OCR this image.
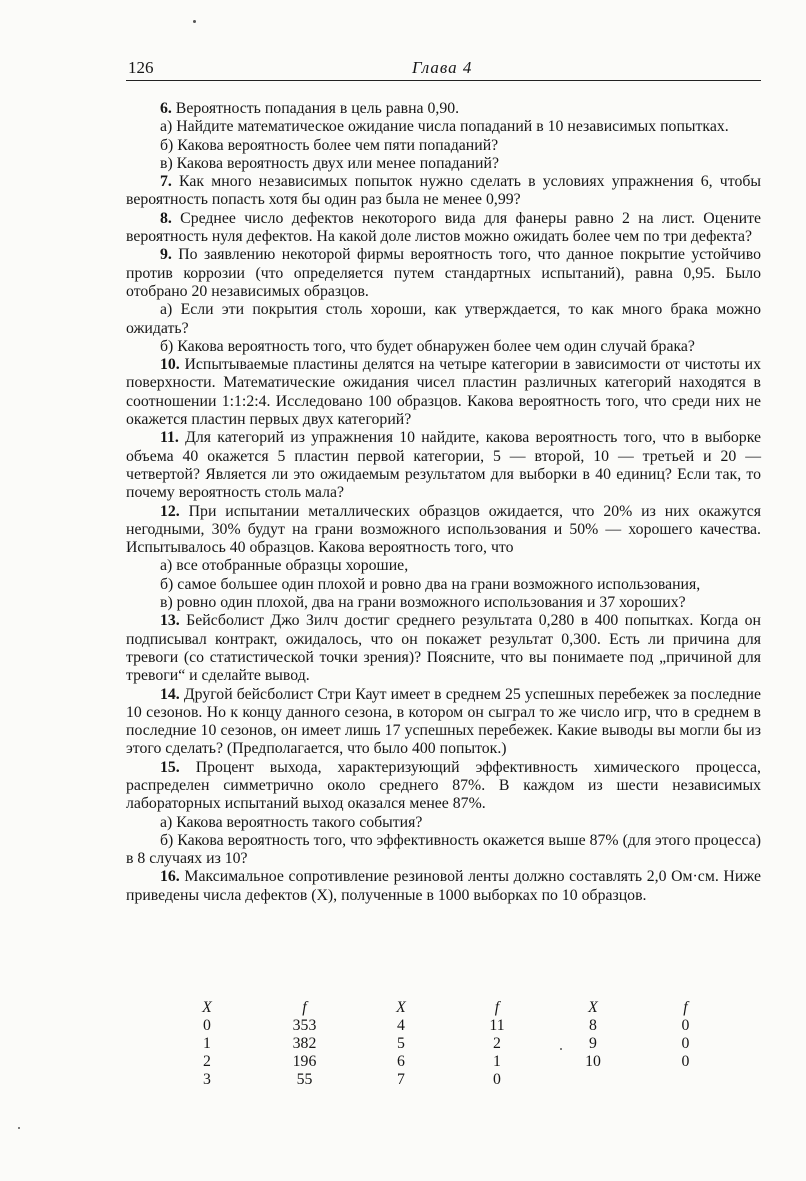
126	Глава 4

6. Вероятность попадания в цель равна 0,90.

а) Найдите математическое ожидание числа попаданий в 10 независимых попытках.

б) Какова вероятность более чем пяти попаданий?

в) Какова вероятность двух или менее попаданий?

7. Как много независимых попыток нужно сделать в условиях упражнения 6, чтобы вероятность попасть хотя бы один раз была не менее 0,99?

8. Среднее число дефектов некоторого вида для фанеры равно 2 на лист. Оцените вероятность нуля дефектов. На какой доле листов можно ожидать более чем по три дефекта?

9. По заявлению некоторой фирмы вероятность того, что данное покрытие устойчиво против коррозии (что определяется путем стандартных испытаний), равна 0,95. Было отобрано 20 независимых образцов.

а) Если эти покрытия столь хороши, как утверждается, то как много брака можно ожидать?

б) Какова вероятность того, что будет обнаружен более чем один случай брака?

10. Испытываемые пластины делятся на четыре категории в зависимости от чистоты их поверхности. Математические ожидания чисел пластин различных категорий находятся в соотношении 1:1:2:4. Исследовано 100 образцов. Какова вероятность того, что среди них не окажется пластин первых двух категорий?

11. Для категорий из упражнения 10 найдите, какова вероятность того, что в выборке объема 40 окажется 5 пластин первой категории, 5 — второй, 10 — третьей и 20 — четвертой? Является ли это ожидаемым результатом для выборки в 40 единиц? Если так, то почему вероятность столь мала?

12. При испытании металлических образцов ожидается, что 20% из них окажутся негодными, 30% будут на грани возможного использования и 50% — хорошего качества. Испытывалось 40 образцов. Какова вероятность того, что

а) все отобранные образцы хорошие,

б) самое большее один плохой и ровно два на грани возможного использования,

в) ровно один плохой, два на грани возможного использования и 37 хороших?

13. Бейсболист Джо Зилч достиг среднего результата 0,280 в 400 попытках. Когда он подписывал контракт, ожидалось, что он покажет результат 0,300. Есть ли причина для тревоги (со статистической точки зрения)? Поясните, что вы понимаете под „причиной для тревоги“ и сделайте вывод.

14. Другой бейсболист Стри Каут имеет в среднем 25 успешных перебежек за последние 10 сезонов. Но к концу данного сезона, в котором он сыграл то же число игр, что в среднем в последние 10 сезонов, он имеет лишь 17 успешных перебежек. Какие выводы вы могли бы из этого сделать? (Предполагается, что было 400 попыток.)

15. Процент выхода, характеризующий эффективность химического процесса, распределен симметрично около среднего 87%. В каждом из шести независимых лабораторных испытаний выход оказался менее 87%.

а) Какова вероятность такого события?

б) Какова вероятность того, что эффективность окажется выше 87% (для этого процесса) в 8 случаях из 10?

16. Максимальное сопротивление резиновой ленты должно составлять 2,0 Ом·см. Ниже приведены числа дефектов (X), полученные в 1000 выборках по 10 образцов.

X	f	X	f	X	f
0	353	4	11	8	0
1	382	5	2	9	0
2	196	6	1	10	0
3	55	7	0		
